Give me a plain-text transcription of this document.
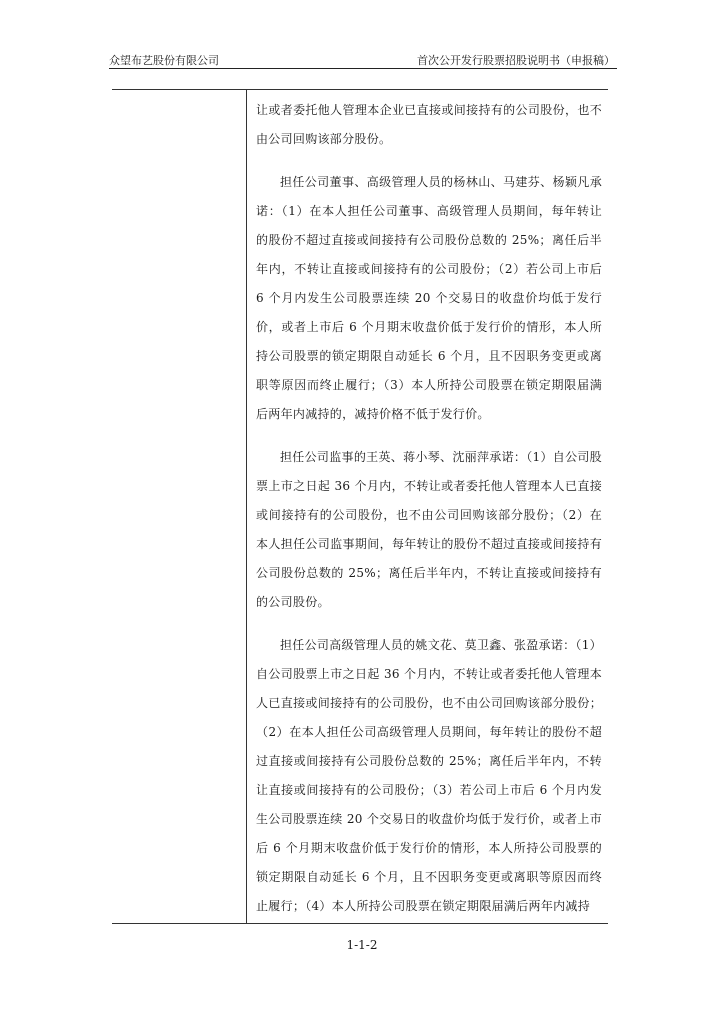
众望布艺股份有限公司	首次公开发行股票招股说明书（申报稿）

让或者委托他人管理本企业已直接或间接持有的公司股份，也不由公司回购该部分股份。

担任公司董事、高级管理人员的杨林山、马建芬、杨颖凡承诺：（1）在本人担任公司董事、高级管理人员期间，每年转让的股份不超过直接或间接持有公司股份总数的 25%；离任后半年内，不转让直接或间接持有的公司股份；（2）若公司上市后 6 个月内发生公司股票连续 20 个交易日的收盘价均低于发行价，或者上市后 6 个月期末收盘价低于发行价的情形，本人所持公司股票的锁定期限自动延长 6 个月，且不因职务变更或离职等原因而终止履行；（3）本人所持公司股票在锁定期限届满后两年内减持的，减持价格不低于发行价。

担任公司监事的王英、蒋小琴、沈丽萍承诺：（1）自公司股票上市之日起 36 个月内，不转让或者委托他人管理本人已直接或间接持有的公司股份，也不由公司回购该部分股份；（2）在本人担任公司监事期间，每年转让的股份不超过直接或间接持有公司股份总数的 25%；离任后半年内，不转让直接或间接持有的公司股份。

担任公司高级管理人员的姚文花、莫卫鑫、张盈承诺：（1）自公司股票上市之日起 36 个月内，不转让或者委托他人管理本人已直接或间接持有的公司股份，也不由公司回购该部分股份；（2）在本人担任公司高级管理人员期间，每年转让的股份不超过直接或间接持有公司股份总数的 25%；离任后半年内，不转让直接或间接持有的公司股份；（3）若公司上市后 6 个月内发生公司股票连续 20 个交易日的收盘价均低于发行价，或者上市后 6 个月期末收盘价低于发行价的情形，本人所持公司股票的锁定期限自动延长 6 个月，且不因职务变更或离职等原因而终止履行；（4）本人所持公司股票在锁定期限届满后两年内减持

1-1-2
